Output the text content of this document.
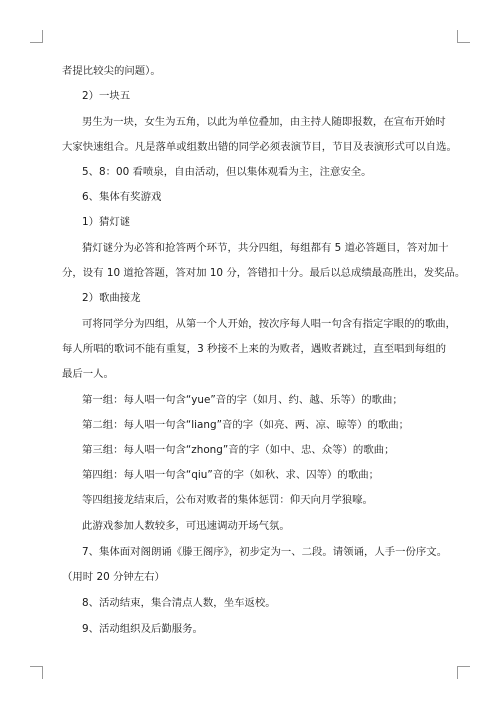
者提比较尖的问题）。

2）一块五

男生为一块，女生为五角，以此为单位叠加，由主持人随即报数，在宣布开始时

大家快速组合。凡是落单或组数出错的同学必须表演节目，节目及表演形式可以自选。

5、8：00 看喷泉，自由活动，但以集体观看为主，注意安全。

6、集体有奖游戏

1）猜灯谜

猜灯谜分为必答和抢答两个环节，共分四组，每组都有 5 道必答题目，答对加十

分，设有 10 道抢答题，答对加 10 分，答错扣十分。最后以总成绩最高胜出，发奖品。

2）歌曲接龙

可将同学分为四组，从第一个人开始，按次序每人唱一句含有指定字眼的的歌曲，

每人所唱的歌词不能有重复，3 秒接不上来的为败者，遇败者跳过，直至唱到每组的

最后一人。

第一组：每人唱一句含“yue”音的字（如月、约、越、乐等）的歌曲；

第二组：每人唱一句含“liang”音的字（如亮、两、凉、晾等）的歌曲；

第三组：每人唱一句含“zhong”音的字（如中、忠、众等）的歌曲；

第四组：每人唱一句含“qiu”音的字（如秋、求、囚等）的歌曲；

等四组接龙结束后，公布对败者的集体惩罚：仰天向月学狼嚎。

此游戏参加人数较多，可迅速调动开场气氛。

7、集体面对阁朗诵《滕王阁序》，初步定为一、二段。请领诵，人手一份序文。

（用时 20 分钟左右）

8、活动结束，集合清点人数，坐车返校。

9、活动组织及后勤服务。
